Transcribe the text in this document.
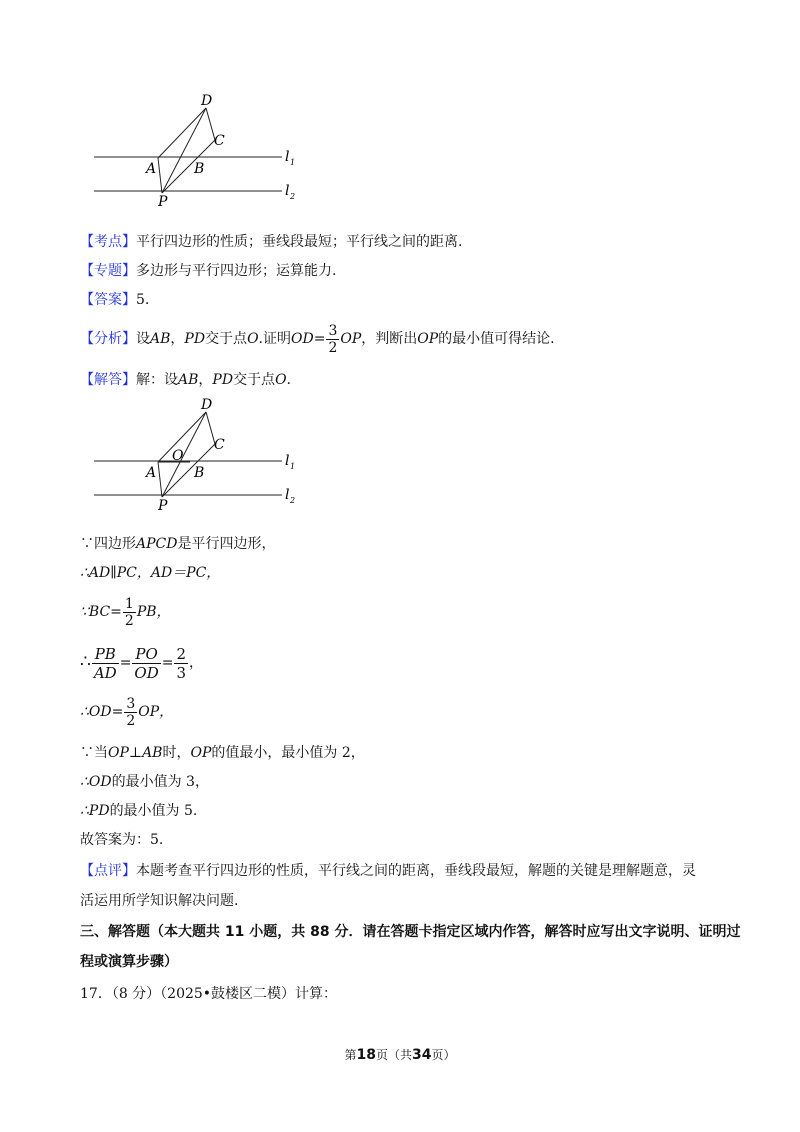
D
C
A	B
P
l 1
l 2
【考点】平行四边形的性质；垂线段最短；平行线之间的距离.
【专题】多边形与平行四边形；运算能力.
【答案】5.
【分析】设AB，PD交于点O.证明$OD= \frac{3}{2}$ OP，判断出OP的最小值可得结论.
【解答】解：设AB，PD交于点O.
D
C
O
A	B
P
l 1
l 2
∵四边形APCD是平行四边形，
∴AD∥PC，AD＝PC，
∵BC= $\frac{1}{2}$ PB，
∴ $\frac{PB}{AD} = \frac{PO}{OD} = \frac{2}{3}$ ，
∴OD= $\frac{3}{2}$ OP，
∵当OP⊥AB时，OP的值最小，最小值为 2，
∴OD的最小值为 3，
∴PD的最小值为 5.
故答案为：5.
【点评】本题考查平行四边形的性质，平行线之间的距离，垂线段最短，解题的关键是理解题意，灵
活运用所学知识解决问题.
三、解答题（本大题共 11 小题，共 88 分．请在答题卡指定区域内作答，解答时应写出文字说明、证明过
程或演算步骤）
17．（8 分）（2025•鼓楼区二模）计算：
第18页（共34页）
